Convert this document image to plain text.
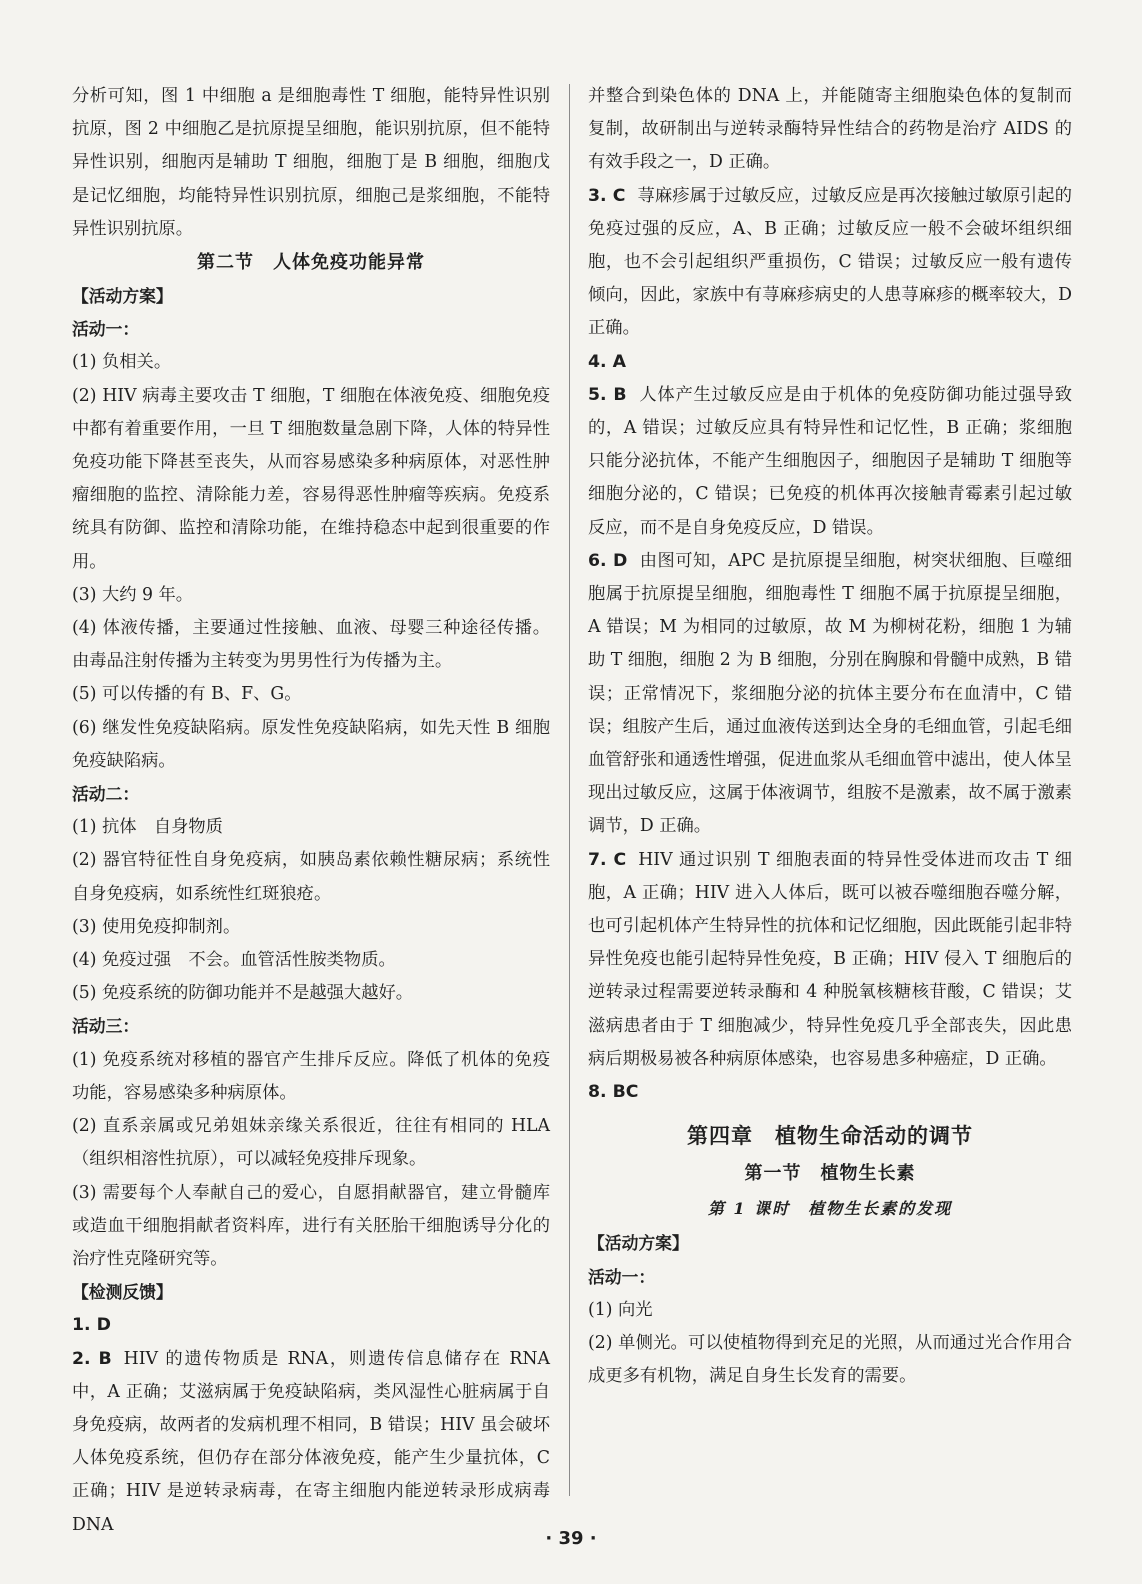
分析可知，图 1 中细胞 a 是细胞毒性 T 细胞，能特异性识别抗原，图 2 中细胞乙是抗原提呈细胞，能识别抗原，但不能特异性识别，细胞丙是辅助 T 细胞，细胞丁是 B 细胞，细胞戊是记忆细胞，均能特异性识别抗原，细胞己是浆细胞，不能特异性识别抗原。

第二节　人体免疫功能异常

【活动方案】

活动一：

(1) 负相关。

(2) HIV 病毒主要攻击 T 细胞，T 细胞在体液免疫、细胞免疫中都有着重要作用，一旦 T 细胞数量急剧下降，人体的特异性免疫功能下降甚至丧失，从而容易感染多种病原体，对恶性肿瘤细胞的监控、清除能力差，容易得恶性肿瘤等疾病。免疫系统具有防御、监控和清除功能，在维持稳态中起到很重要的作用。

(3) 大约 9 年。

(4) 体液传播，主要通过性接触、血液、母婴三种途径传播。由毒品注射传播为主转变为男男性行为传播为主。

(5) 可以传播的有 B、F、G。

(6) 继发性免疫缺陷病。原发性免疫缺陷病，如先天性 B 细胞免疫缺陷病。

活动二：

(1) 抗体　自身物质

(2) 器官特征性自身免疫病，如胰岛素依赖性糖尿病；系统性自身免疫病，如系统性红斑狼疮。

(3) 使用免疫抑制剂。

(4) 免疫过强　不会。血管活性胺类物质。

(5) 免疫系统的防御功能并不是越强大越好。

活动三：

(1) 免疫系统对移植的器官产生排斥反应。降低了机体的免疫功能，容易感染多种病原体。

(2) 直系亲属或兄弟姐妹亲缘关系很近，往往有相同的 HLA（组织相溶性抗原），可以减轻免疫排斥现象。

(3) 需要每个人奉献自己的爱心，自愿捐献器官，建立骨髓库或造血干细胞捐献者资料库，进行有关胚胎干细胞诱导分化的治疗性克隆研究等。

【检测反馈】

1. D

2. B HIV 的遗传物质是 RNA，则遗传信息储存在 RNA 中，A 正确；艾滋病属于免疫缺陷病，类风湿性心脏病属于自身免疫病，故两者的发病机理不相同，B 错误；HIV 虽会破坏人体免疫系统，但仍存在部分体液免疫，能产生少量抗体，C 正确；HIV 是逆转录病毒，在寄主细胞内能逆转录形成病毒 DNA

并整合到染色体的 DNA 上，并能随寄主细胞染色体的复制而复制，故研制出与逆转录酶特异性结合的药物是治疗 AIDS 的有效手段之一，D 正确。

3. C 荨麻疹属于过敏反应，过敏反应是再次接触过敏原引起的免疫过强的反应，A、B 正确；过敏反应一般不会破坏组织细胞，也不会引起组织严重损伤，C 错误；过敏反应一般有遗传倾向，因此，家族中有荨麻疹病史的人患荨麻疹的概率较大，D 正确。

4. A

5. B 人体产生过敏反应是由于机体的免疫防御功能过强导致的，A 错误；过敏反应具有特异性和记忆性，B 正确；浆细胞只能分泌抗体，不能产生细胞因子，细胞因子是辅助 T 细胞等细胞分泌的，C 错误；已免疫的机体再次接触青霉素引起过敏反应，而不是自身免疫反应，D 错误。

6. D 由图可知，APC 是抗原提呈细胞，树突状细胞、巨噬细胞属于抗原提呈细胞，细胞毒性 T 细胞不属于抗原提呈细胞，A 错误；M 为相同的过敏原，故 M 为柳树花粉，细胞 1 为辅助 T 细胞，细胞 2 为 B 细胞，分别在胸腺和骨髓中成熟，B 错误；正常情况下，浆细胞分泌的抗体主要分布在血清中，C 错误；组胺产生后，通过血液传送到达全身的毛细血管，引起毛细血管舒张和通透性增强，促进血浆从毛细血管中滤出，使人体呈现出过敏反应，这属于体液调节，组胺不是激素，故不属于激素调节，D 正确。

7. C HIV 通过识别 T 细胞表面的特异性受体进而攻击 T 细胞，A 正确；HIV 进入人体后，既可以被吞噬细胞吞噬分解，也可引起机体产生特异性的抗体和记忆细胞，因此既能引起非特异性免疫也能引起特异性免疫，B 正确；HIV 侵入 T 细胞后的逆转录过程需要逆转录酶和 4 种脱氧核糖核苷酸，C 错误；艾滋病患者由于 T 细胞减少，特异性免疫几乎全部丧失，因此患病后期极易被各种病原体感染，也容易患多种癌症，D 正确。

8. BC

第四章　植物生命活动的调节

第一节　植物生长素

第 1 课时　植物生长素的发现

【活动方案】

活动一：

(1) 向光

(2) 单侧光。可以使植物得到充足的光照，从而通过光合作用合成更多有机物，满足自身生长发育的需要。

· 39 ·
